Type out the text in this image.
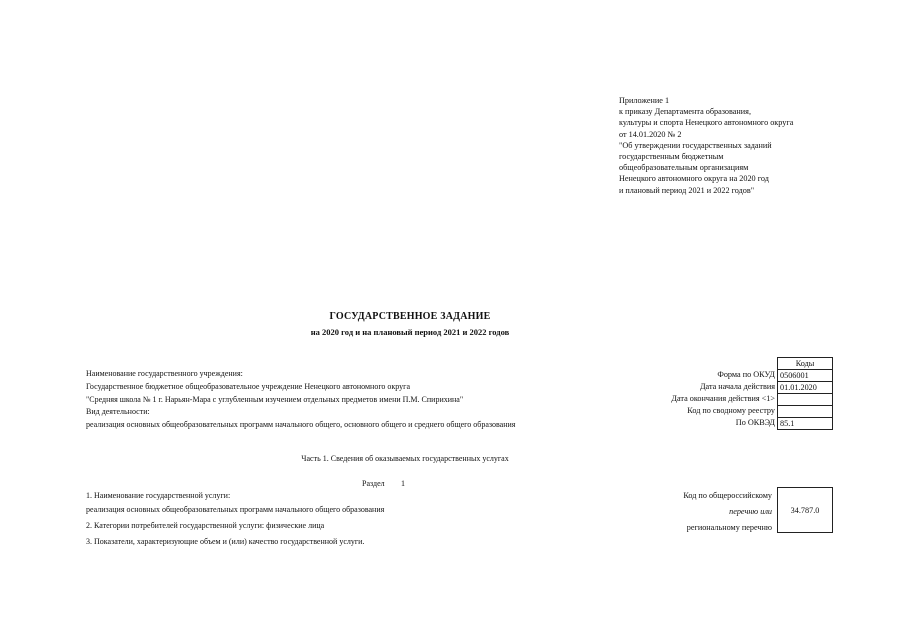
Приложение 1
к приказу Департамента образования,
культуры и спорта Ненецкого автономного округа
от 14.01.2020 № 2
"Об утверждении государственных заданий
государственным бюджетным
общеобразовательным организациям
Ненецкого автономного округа на 2020 год
и плановый период 2021 и 2022 годов"
ГОСУДАРСТВЕННОЕ ЗАДАНИЕ
на 2020 год и на плановый период 2021 и 2022 годов
Наименование государственного учреждения:
Государственное бюджетное общеобразовательное учреждение Ненецкого автономного округа
"Средняя школа № 1 г. Нарьян-Мара с углубленным изучением отдельных предметов имени П.М. Спирихина"
Вид деятельности:
реализация основных общеобразовательных программ начального общего, основного общего и среднего общего образования
Коды
Форма по ОКУД 0506001
Дата начала действия 01.01.2020
Дата окончания действия <1>
Код по сводному реестру
По ОКВЭД 85.1
Часть 1. Сведения об оказываемых государственных услугах
Раздел 1
1. Наименование государственной услуги:
реализация основных общеобразовательных программ начального общего образования
2. Категории потребителей государственной услуги: физические лица
3. Показатели, характеризующие объем и (или) качество государственной услуги.
Код по общероссийскому
перечню или
региональному перечню
34.787.0
